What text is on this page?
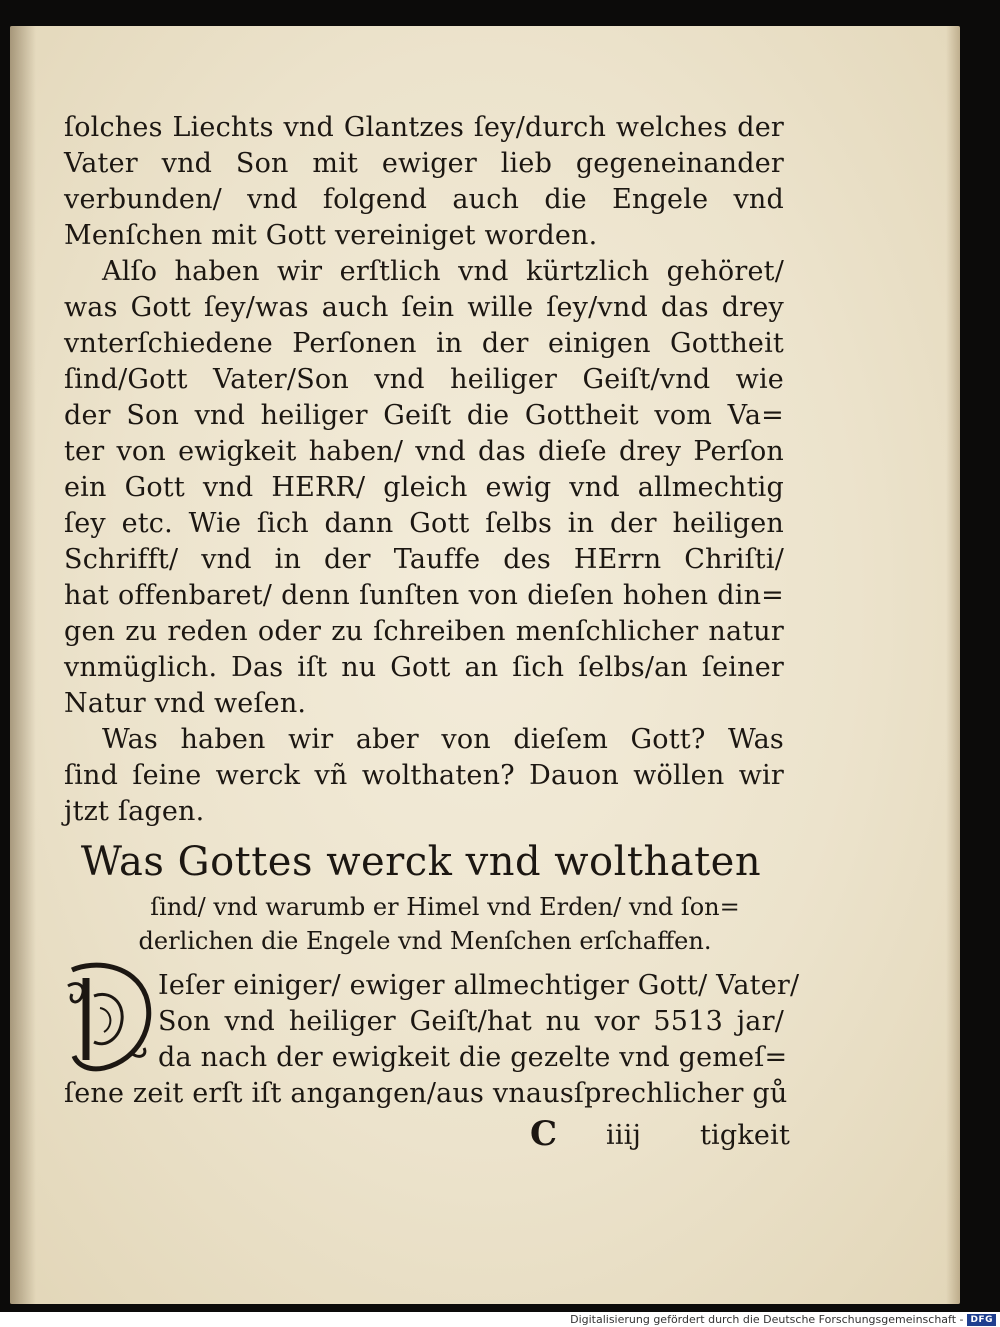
ſolches Liechts vnd Glantzes ſey/durch welches der
Vater vnd Son mit ewiger lieb gegeneinander
verbunden/ vnd folgend auch die Engele vnd
Menſchen mit Gott vereiniget worden.
Alſo haben wir erſtlich vnd kürtzlich gehöret/
was Gott ſey/was auch ſein wille ſey/vnd das drey
vnterſchiedene Perſonen in der einigen Gottheit
ſind/Gott Vater/Son vnd heiliger Geiſt/vnd wie
der Son vnd heiliger Geiſt die Gottheit vom Va=
ter von ewigkeit haben/ vnd das dieſe drey Perſon
ein Gott vnd HERR/ gleich ewig vnd allmechtig
ſey etc. Wie ſich dann Gott ſelbs in der heiligen
Schrifft/ vnd in der Tauffe des HErrn Chriſti/
hat offenbaret/ denn ſunſten von dieſen hohen din=
gen zu reden oder zu ſchreiben menſchlicher natur
vnmüglich. Das iſt nu Gott an ſich ſelbs/an ſeiner
Natur vnd weſen.
Was haben wir aber von dieſem Gott? Was
ſind ſeine werck vñ wolthaten? Dauon wöllen wir
jtzt ſagen.
Was Gottes werck vnd wolthaten
ſind/ vnd warumb er Himel vnd Erden/ vnd ſon=
derlichen die Engele vnd Menſchen erſchaffen.
Ieſer einiger/ ewiger allmechtiger Gott/ Vater/
Son vnd heiliger Geiſt/hat nu vor 5513 jar/
da nach der ewigkeit die gezelte vnd gemeſ=
ſene zeit erſt iſt angangen/aus vnausſprechlicher gů
C	iiij tigkeit
Digitalisierung gefördert durch die Deutsche Forschungsgemeinschaft - DFG
